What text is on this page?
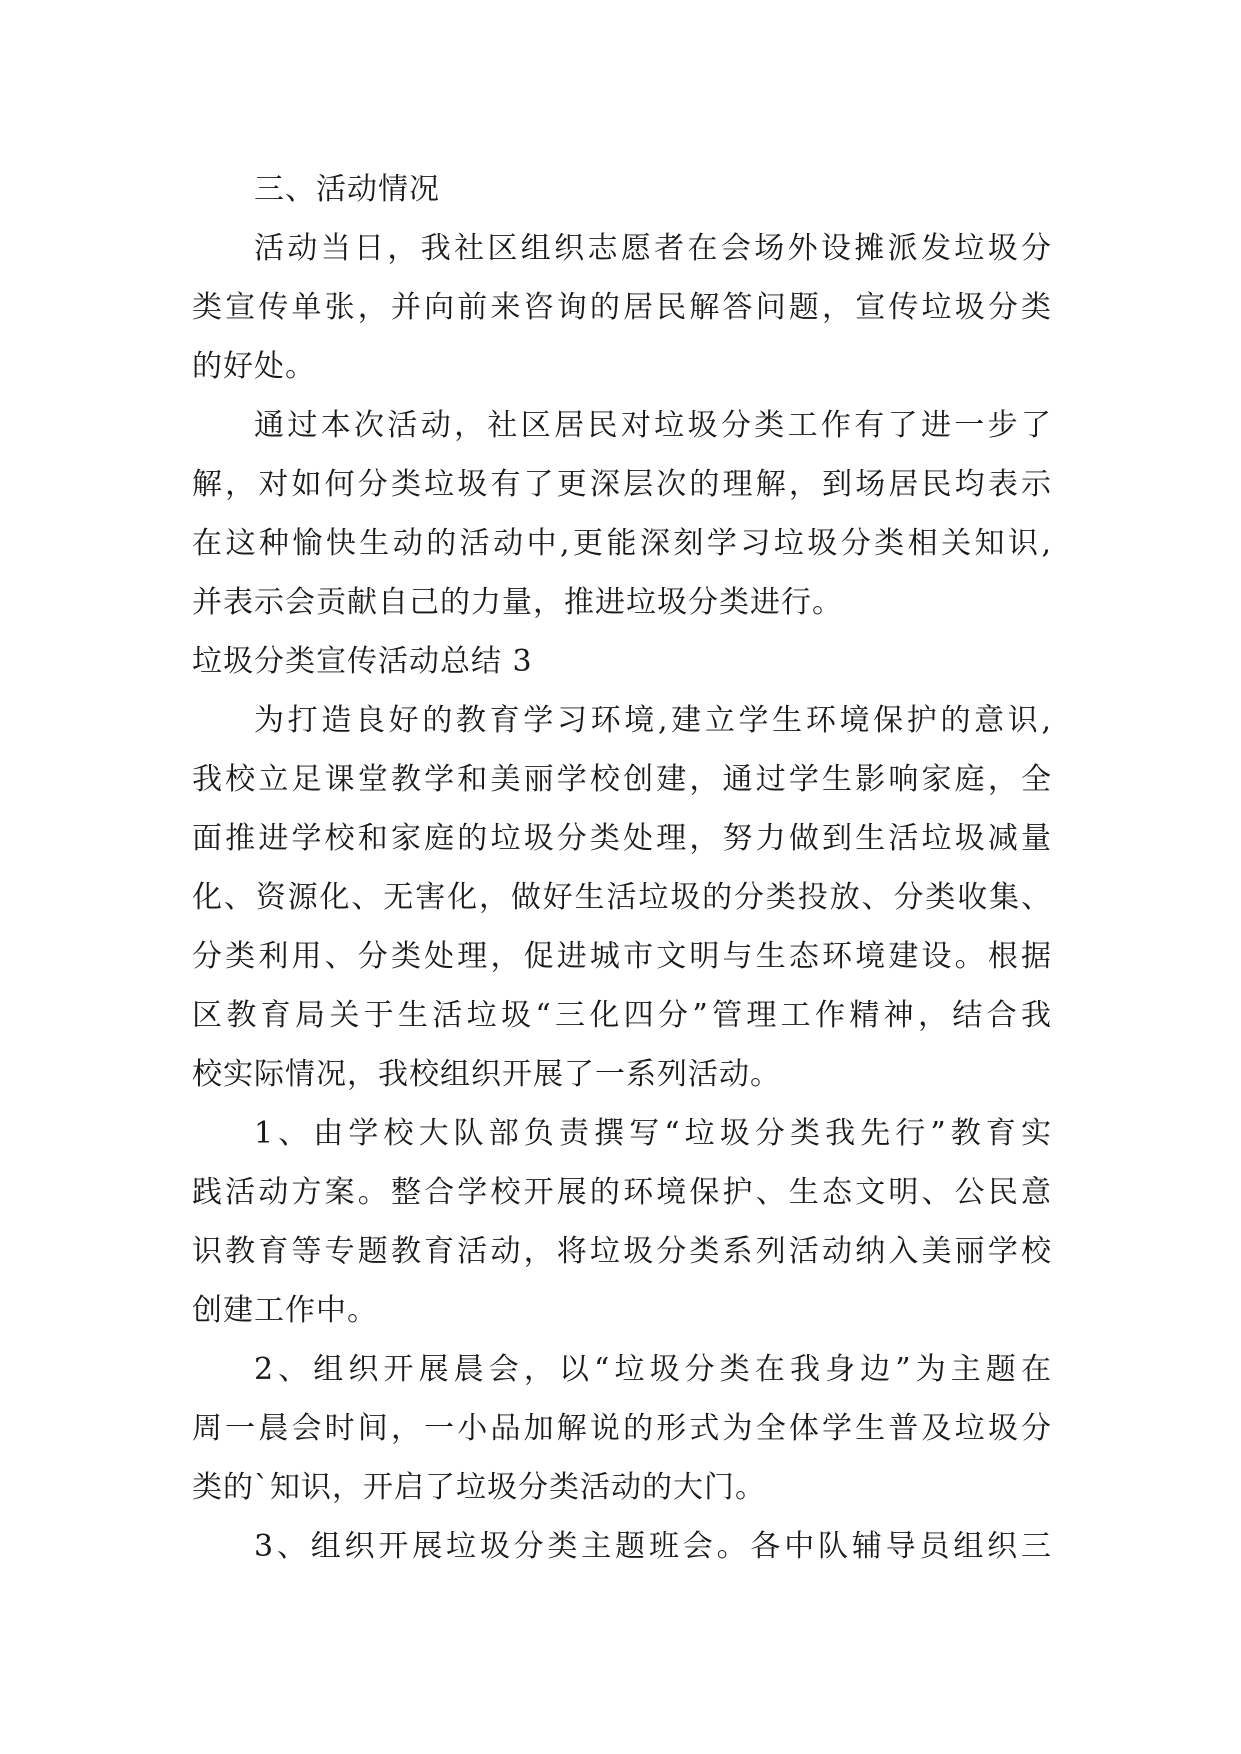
三、活动情况
活动当日，我社区组织志愿者在会场外设摊派发垃圾分
类宣传单张，并向前来咨询的居民解答问题，宣传垃圾分类
的好处。
通过本次活动，社区居民对垃圾分类工作有了进一步了
解，对如何分类垃圾有了更深层次的理解，到场居民均表示
在这种愉快生动的活动中,更能深刻学习垃圾分类相关知识,
并表示会贡献自己的力量，推进垃圾分类进行。
垃圾分类宣传活动总结 3
为打造良好的教育学习环境,建立学生环境保护的意识,
我校立足课堂教学和美丽学校创建，通过学生影响家庭，全
面推进学校和家庭的垃圾分类处理，努力做到生活垃圾减量
化、资源化、无害化，做好生活垃圾的分类投放、分类收集、
分类利用、分类处理，促进城市文明与生态环境建设。根据
区教育局关于生活垃圾“三化四分”管理工作精神，结合我
校实际情况，我校组织开展了一系列活动。
1、由学校大队部负责撰写“垃圾分类我先行”教育实
践活动方案。整合学校开展的环境保护、生态文明、公民意
识教育等专题教育活动，将垃圾分类系列活动纳入美丽学校
创建工作中。
2、组织开展晨会，以“垃圾分类在我身边”为主题在
周一晨会时间，一小品加解说的形式为全体学生普及垃圾分
类的`知识，开启了垃圾分类活动的大门。
3、组织开展垃圾分类主题班会。各中队辅导员组织三
